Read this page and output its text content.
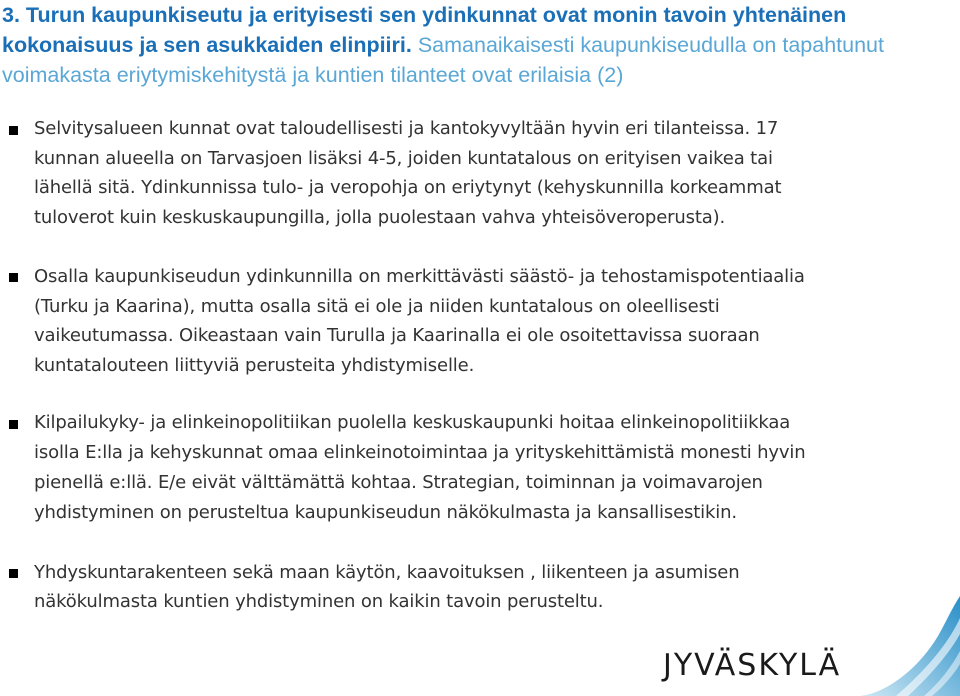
3. Turun kaupunkiseutu ja erityisesti sen ydinkunnat ovat monin tavoin yhtenäinen
kokonaisuus ja sen asukkaiden elinpiiri. Samanaikaisesti kaupunkiseudulla on tapahtunut
voimakasta eriytymiskehitystä ja kuntien tilanteet ovat erilaisia (2)
Selvitysalueen kunnat ovat taloudellisesti ja kantokyvyltään hyvin eri tilanteissa. 17
kunnan alueella on Tarvasjoen lisäksi 4-5, joiden kuntatalous on erityisen vaikea tai
lähellä sitä. Ydinkunnissa tulo- ja veropohja on eriytynyt (kehyskunnilla korkeammat
tuloverot kuin keskuskaupungilla, jolla puolestaan vahva yhteisöveroperusta).
Osalla kaupunkiseudun ydinkunnilla on merkittävästi säästö- ja tehostamispotentiaalia
(Turku ja Kaarina), mutta osalla sitä ei ole ja niiden kuntatalous on oleellisesti
vaikeutumassa. Oikeastaan vain Turulla ja Kaarinalla ei ole osoitettavissa suoraan
kuntatalouteen liittyviä perusteita yhdistymiselle.
Kilpailukyky- ja elinkeinopolitiikan puolella keskuskaupunki hoitaa elinkeinopolitiikkaa
isolla E:lla ja kehyskunnat omaa elinkeinotoimintaa ja yrityskehittämistä monesti hyvin
pienellä e:llä. E/e eivät välttämättä kohtaa. Strategian, toiminnan ja voimavarojen
yhdistyminen on perusteltua kaupunkiseudun näkökulmasta ja kansallisestikin.
Yhdyskuntarakenteen sekä maan käytön, kaavoituksen , liikenteen ja asumisen
näkökulmasta kuntien yhdistyminen on kaikin tavoin perusteltu.
JYVÄSKYLÄ
